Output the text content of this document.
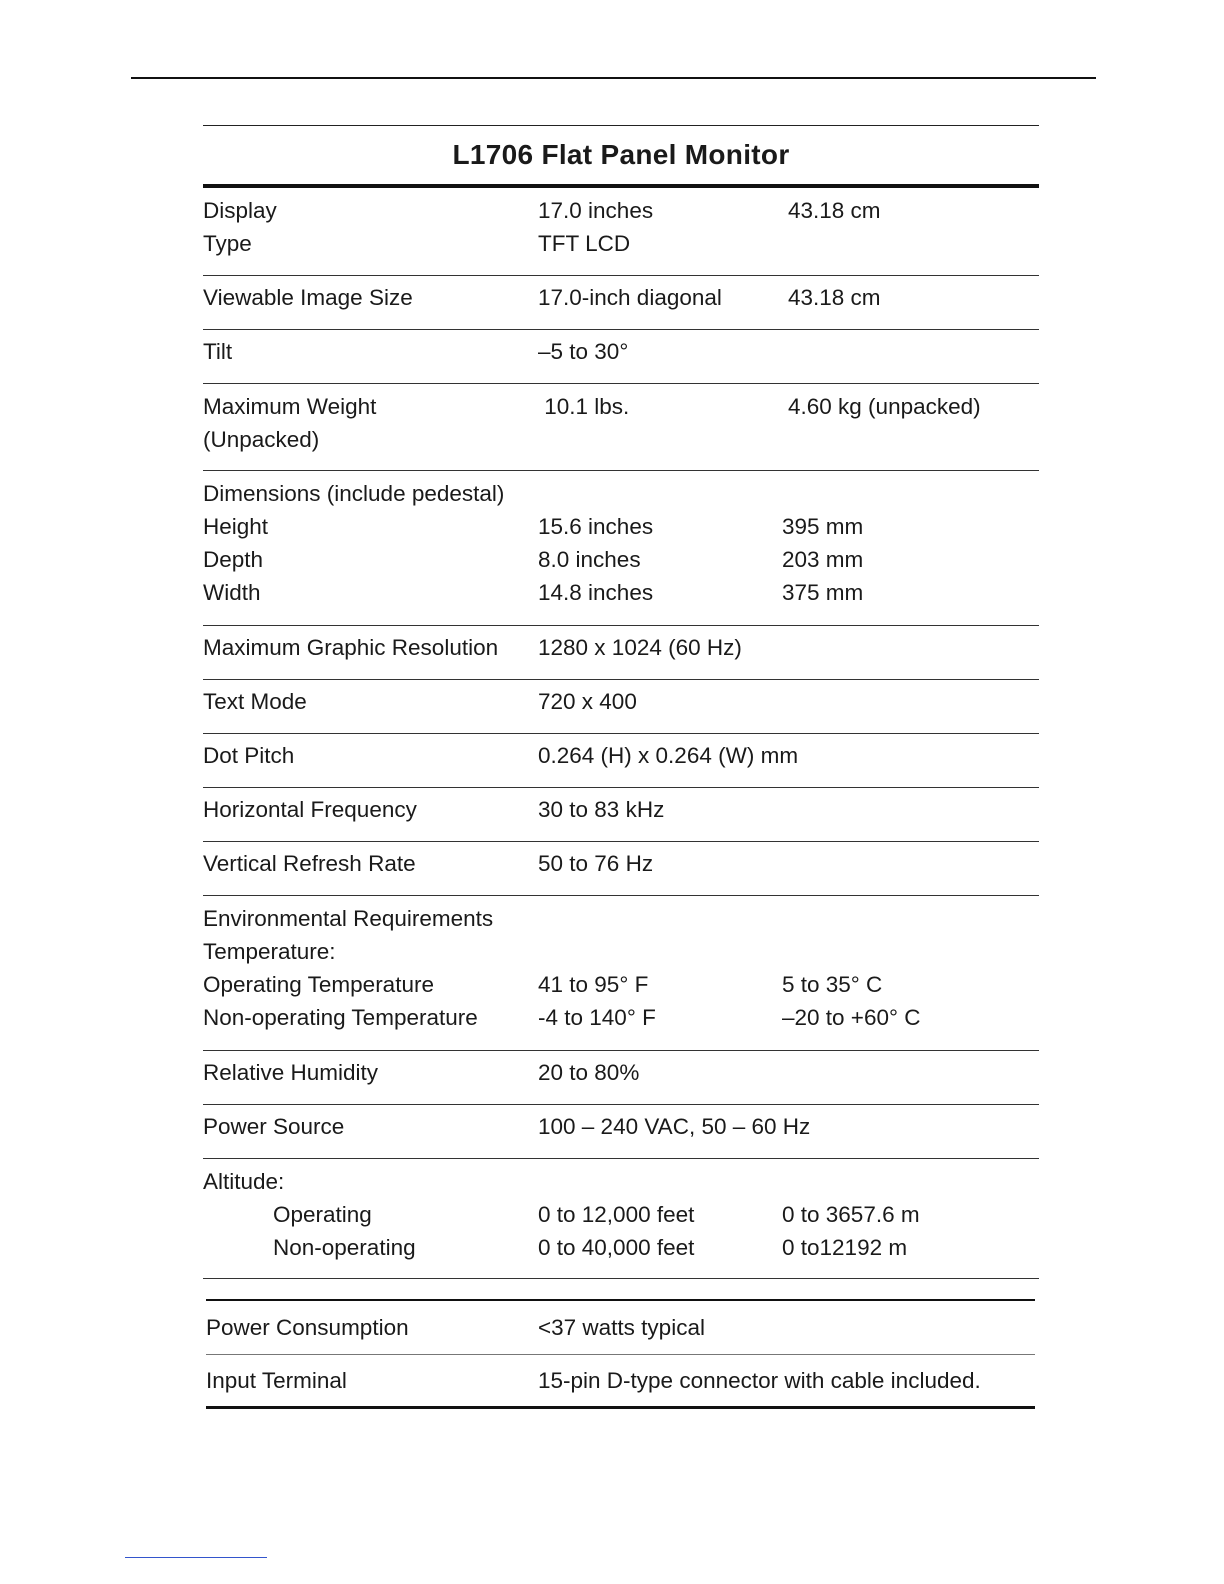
L1706 Flat Panel Monitor
Display	17.0 inches	43.18 cm
Type	TFT LCD
Viewable Image Size	17.0-inch diagonal	43.18 cm
Tilt	–5 to 30°
Maximum Weight	10.1 lbs.	4.60 kg (unpacked)
(Unpacked)
Dimensions (include pedestal)
Height	15.6 inches	395 mm
Depth	8.0 inches	203 mm
Width	14.8 inches	375 mm
Maximum Graphic Resolution	1280 x 1024 (60 Hz)
Text Mode	720 x 400
Dot Pitch	0.264 (H) x 0.264 (W) mm
Horizontal Frequency	30 to 83 kHz
Vertical Refresh Rate	50 to 76 Hz
Environmental Requirements
Temperature:
Operating Temperature	41 to 95° F	5 to 35° C
Non-operating Temperature	-4 to 140° F	–20 to +60° C
Relative Humidity	20 to 80%
Power Source	100 – 240 VAC, 50 – 60 Hz
Altitude:
Operating	0 to 12,000 feet	0 to 3657.6 m
Non-operating	0 to 40,000 feet	0 to12192 m
Power Consumption	<37 watts typical
Input Terminal	15-pin D-type connector with cable included.
